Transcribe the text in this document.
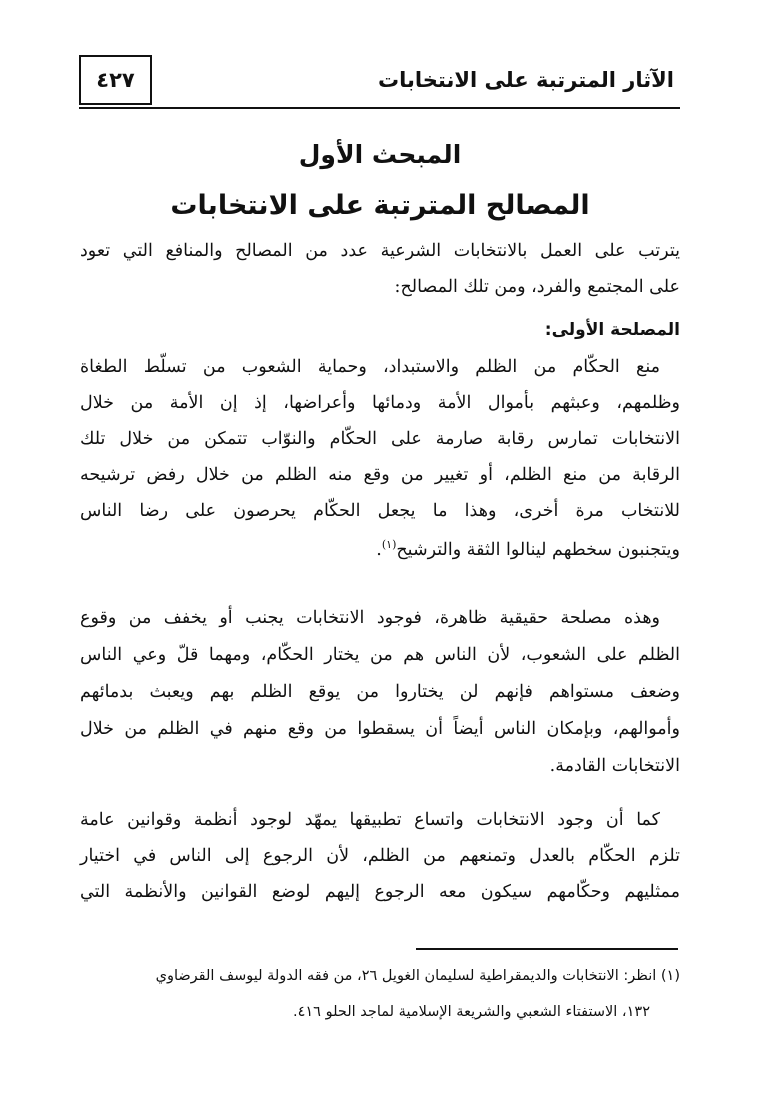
الآثار المترتبة على الانتخابات
٤٢٧
المبحث الأول
المصالح المترتبة على الانتخابات
يترتب على العمل بالانتخابات الشرعية عدد من المصالح والمنافع التي تعود
على المجتمع والفرد، ومن تلك المصالح:
المصلحة الأولى:
منع الحكّام من الظلم والاستبداد، وحماية الشعوب من تسلّط الطغاة
وظلمهم، وعبثهم بأموال الأمة ودمائها وأعراضها، إذ إن الأمة من خلال
الانتخابات تمارس رقابة صارمة على الحكّام والنوّاب تتمكن من خلال تلك
الرقابة من منع الظلم، أو تغيير من وقع منه الظلم من خلال رفض ترشيحه
للانتخاب مرة أخرى، وهذا ما يجعل الحكّام يحرصون على رضا الناس
ويتجنبون سخطهم لينالوا الثقة والترشيح$^{(١)}$.
وهذه مصلحة حقيقية ظاهرة، فوجود الانتخابات يجنب أو يخفف من وقوع
الظلم على الشعوب، لأن الناس هم من يختار الحكّام، ومهما قلّ وعي الناس
وضعف مستواهم فإنهم لن يختاروا من يوقع الظلم بهم ويعبث بدمائهم
وأموالهم، وبإمكان الناس أيضاً أن يسقطوا من وقع منهم في الظلم من خلال
الانتخابات القادمة.
كما أن وجود الانتخابات واتساع تطبيقها يمهّد لوجود أنظمة وقوانين عامة
تلزم الحكّام بالعدل وتمنعهم من الظلم، لأن الرجوع إلى الناس في اختيار
ممثليهم وحكّامهم سيكون معه الرجوع إليهم لوضع القوانين والأنظمة التي
(١) انظر: الانتخابات والديمقراطية لسليمان الغويل ٢٦، من فقه الدولة ليوسف القرضاوي
١٣٢، الاستفتاء الشعبي والشريعة الإسلامية لماجد الحلو ٤١٦.
